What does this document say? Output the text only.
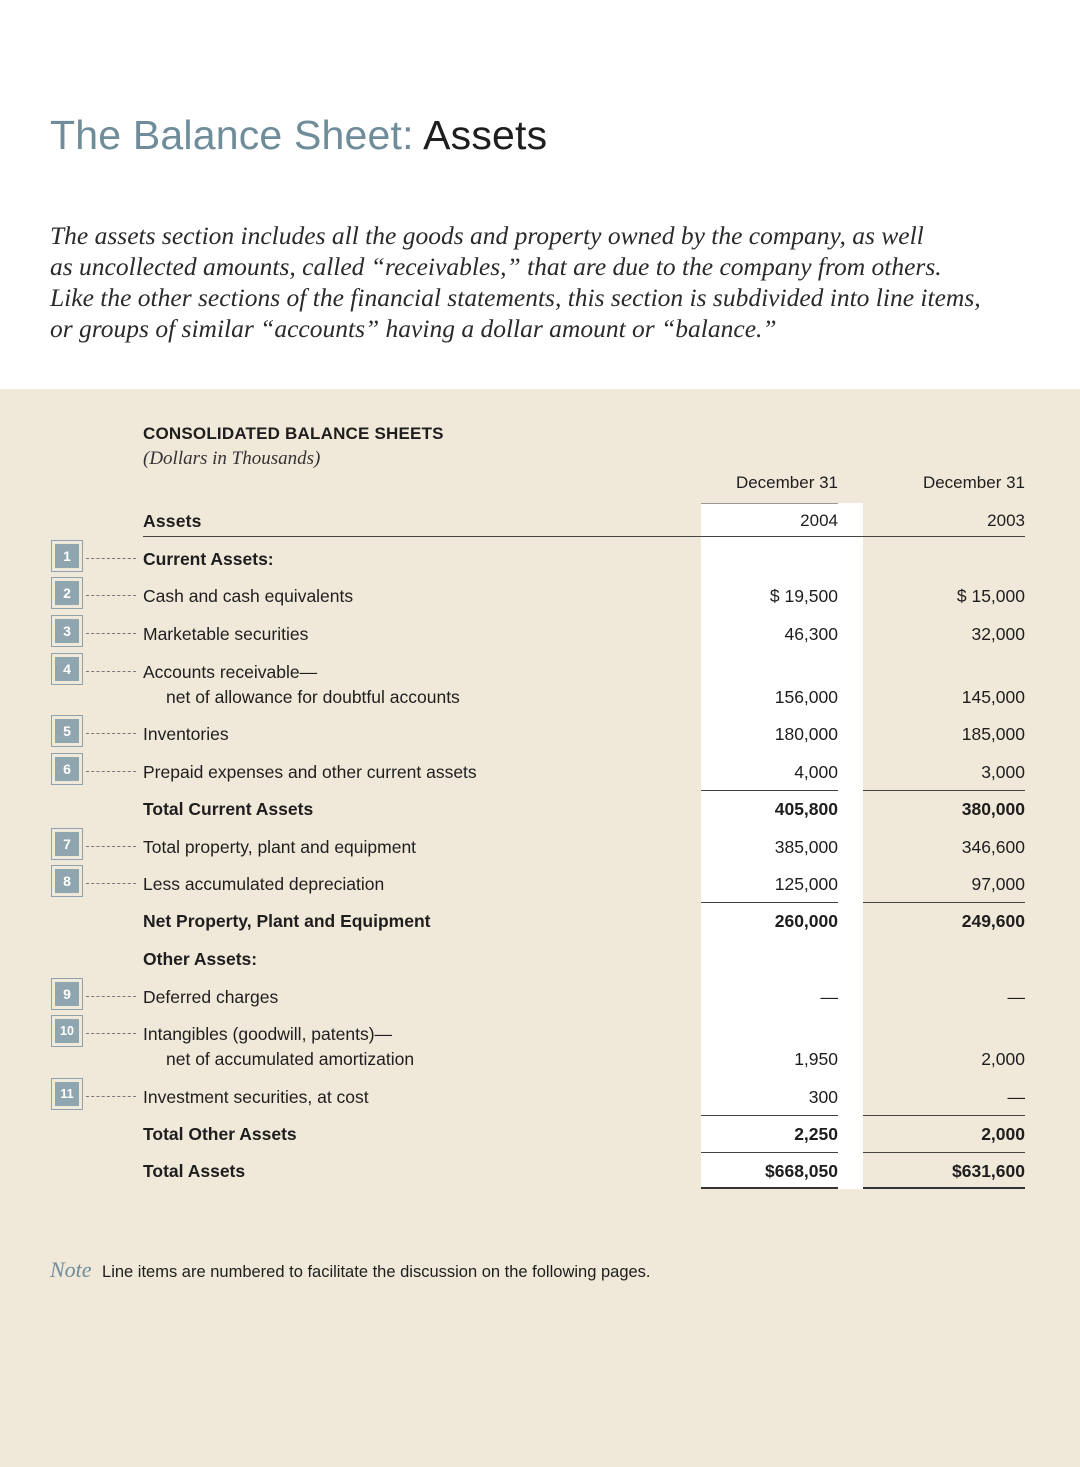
The Balance Sheet: Assets

The assets section includes all the goods and property owned by the company, as well

as uncollected amounts, called “receivables,” that are due to the company from others.

Like the other sections of the financial statements, this section is subdivided into line items,

or groups of similar “accounts” having a dollar amount or “balance.”

CONSOLIDATED BALANCE SHEETS
(Dollars in Thousands)
December 31	December 31
2004	2003
Assets
Current Assets:
1
Cash and cash equivalents	$ 19,500	$ 15,000
2
Marketable securities	46,300	32,000
3
Accounts receivable—
net of allowance for doubtful accounts	156,000	145,000
4
Inventories	180,000	185,000
5
Prepaid expenses and other current assets	4,000	3,000
6
Total Current Assets	405,800	380,000
Total property, plant and equipment	385,000	346,600
7
Less accumulated depreciation	125,000	97,000
8
Net Property, Plant and Equipment	260,000	249,600
Other Assets:
Deferred charges	—	—
9
Intangibles (goodwill, patents)—
net of accumulated amortization	1,950	2,000
10
Investment securities, at cost	300	—
11
Total Other Assets	2,250	2,000
Total Assets	$668,050	$631,600
Note Line items are numbered to facilitate the discussion on the following pages.
